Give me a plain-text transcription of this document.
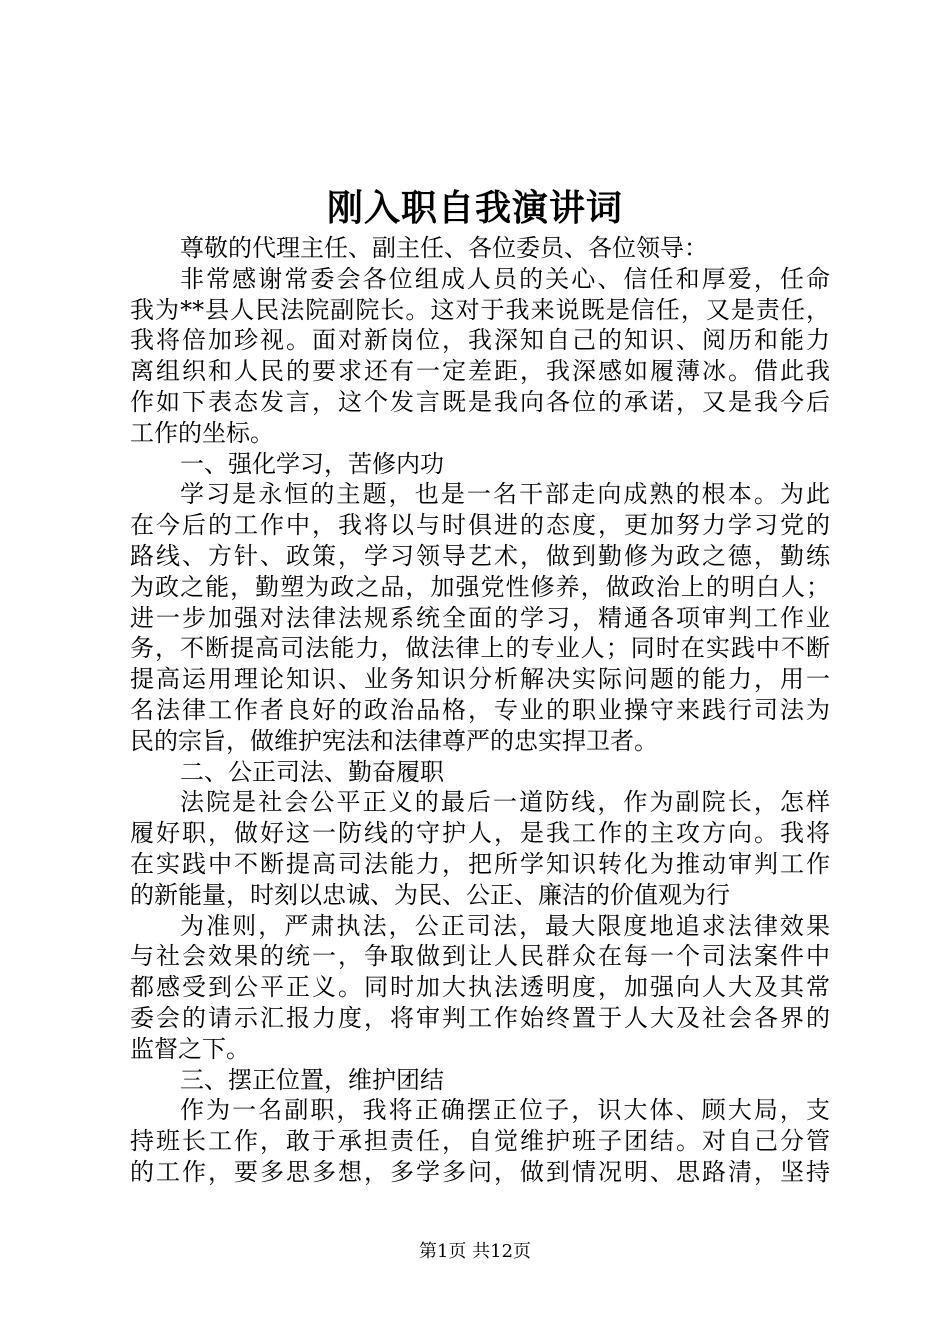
刚入职自我演讲词
尊敬的代理主任、副主任、各位委员、各位领导：
非常感谢常委会各位组成人员的关心、信任和厚爱，任命
我为**县人民法院副院长。这对于我来说既是信任，又是责任，
我将倍加珍视。面对新岗位，我深知自己的知识、阅历和能力
离组织和人民的要求还有一定差距，我深感如履薄冰。借此我
作如下表态发言，这个发言既是我向各位的承诺，又是我今后
工作的坐标。
一、强化学习，苦修内功
学习是永恒的主题，也是一名干部走向成熟的根本。为此
在今后的工作中，我将以与时俱进的态度，更加努力学习党的
路线、方针、政策，学习领导艺术，做到勤修为政之德，勤练
为政之能，勤塑为政之品，加强党性修养，做政治上的明白人；
进一步加强对法律法规系统全面的学习，精通各项审判工作业
务，不断提高司法能力，做法律上的专业人；同时在实践中不断
提高运用理论知识、业务知识分析解决实际问题的能力，用一
名法律工作者良好的政治品格，专业的职业操守来践行司法为
民的宗旨，做维护宪法和法律尊严的忠实捍卫者。
二、公正司法、勤奋履职
法院是社会公平正义的最后一道防线，作为副院长，怎样
履好职，做好这一防线的守护人，是我工作的主攻方向。我将
在实践中不断提高司法能力，把所学知识转化为推动审判工作
的新能量，时刻以忠诚、为民、公正、廉洁的价值观为行
为准则，严肃执法，公正司法，最大限度地追求法律效果
与社会效果的统一，争取做到让人民群众在每一个司法案件中
都感受到公平正义。同时加大执法透明度，加强向人大及其常
委会的请示汇报力度，将审判工作始终置于人大及社会各界的
监督之下。
三、摆正位置，维护团结
作为一名副职，我将正确摆正位子，识大体、顾大局，支
持班长工作，敢于承担责任，自觉维护班子团结。对自己分管
的工作，要多思多想，多学多问，做到情况明、思路清，坚持
第1页 共12页
